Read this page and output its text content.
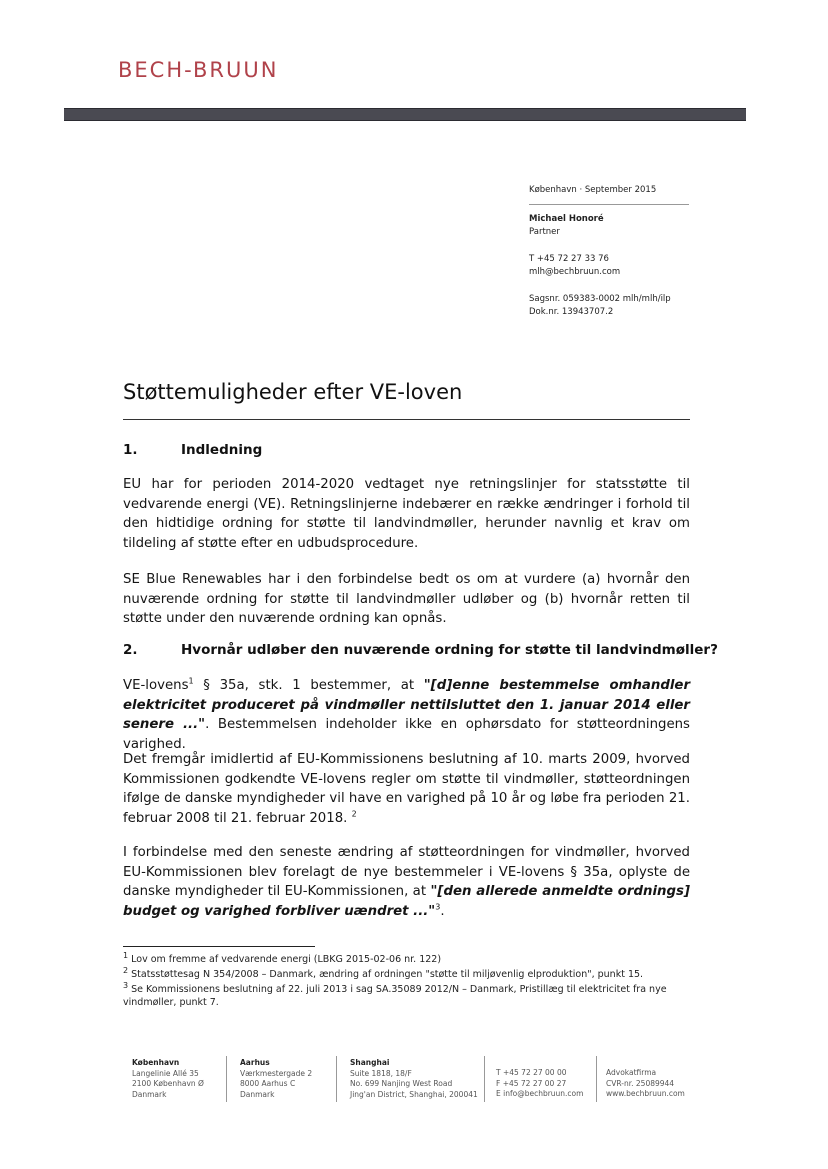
BECH-BRUUN
København · September 2015
Michael Honoré
Partner
T +45 72 27 33 76
mlh@bechbruun.com
Sagsnr. 059383-0002 mlh/mlh/ilp
Dok.nr. 13943707.2
Støttemuligheder efter VE-loven
1.	Indledning
EU har for perioden 2014-2020 vedtaget nye retningslinjer for statsstøtte til vedvarende energi (VE). Retningslinjerne indebærer en række ændringer i forhold til den hidtidige ordning for støtte til landvindmøller, herunder navnlig et krav om tildeling af støtte efter en udbudsprocedure.
SE Blue Renewables har i den forbindelse bedt os om at vurdere (a) hvornår den nuværende ordning for støtte til landvindmøller udløber og (b) hvornår retten til støtte under den nuværende ordning kan opnås.
2.	Hvornår udløber den nuværende ordning for støtte til landvindmøller?
VE-lovens$^1$ § 35a, stk. 1 bestemmer, at "[d]enne bestemmelse omhandler elektricitet produceret på vindmøller nettilsluttet den 1. januar 2014 eller senere ...". Bestemmelsen indeholder ikke en ophørsdato for støtteordningens varighed.
Det fremgår imidlertid af EU-Kommissionens beslutning af 10. marts 2009, hvorved Kommissionen godkendte VE-lovens regler om støtte til vindmøller, støtteordningen ifølge de danske myndigheder vil have en varighed på 10 år og løbe fra perioden 21. februar 2008 til 21. februar 2018. $^2$
I forbindelse med den seneste ændring af støtteordningen for vindmøller, hvorved EU-Kommissionen blev forelagt de nye bestemmeler i VE-lovens § 35a, oplyste de danske myndigheder til EU-Kommissionen, at "[den allerede anmeldte ordnings] budget og varighed forbliver uændret ..."$^3$.
$^1$ Lov om fremme af vedvarende energi (LBKG 2015-02-06 nr. 122)
$^2$ Statsstøttesag N 354/2008 – Danmark, ændring af ordningen "støtte til miljøvenlig elproduktion", punkt 15.
$^3$ Se Kommissionens beslutning af 22. juli 2013 i sag SA.35089 2012/N – Danmark, Pristillæg til elektricitet fra nye vindmøller, punkt 7.
København
Langelinie Allé 35
2100 København Ø
Danmark
Aarhus
Værkmestergade 2
8000 Aarhus C
Danmark
Shanghai
Suite 1818, 18/F
No. 699 Nanjing West Road
Jing'an District, Shanghai, 200041
T +45 72 27 00 00
F +45 72 27 00 27
E info@bechbruun.com
Advokatfirma
CVR-nr. 25089944
www.bechbruun.com
